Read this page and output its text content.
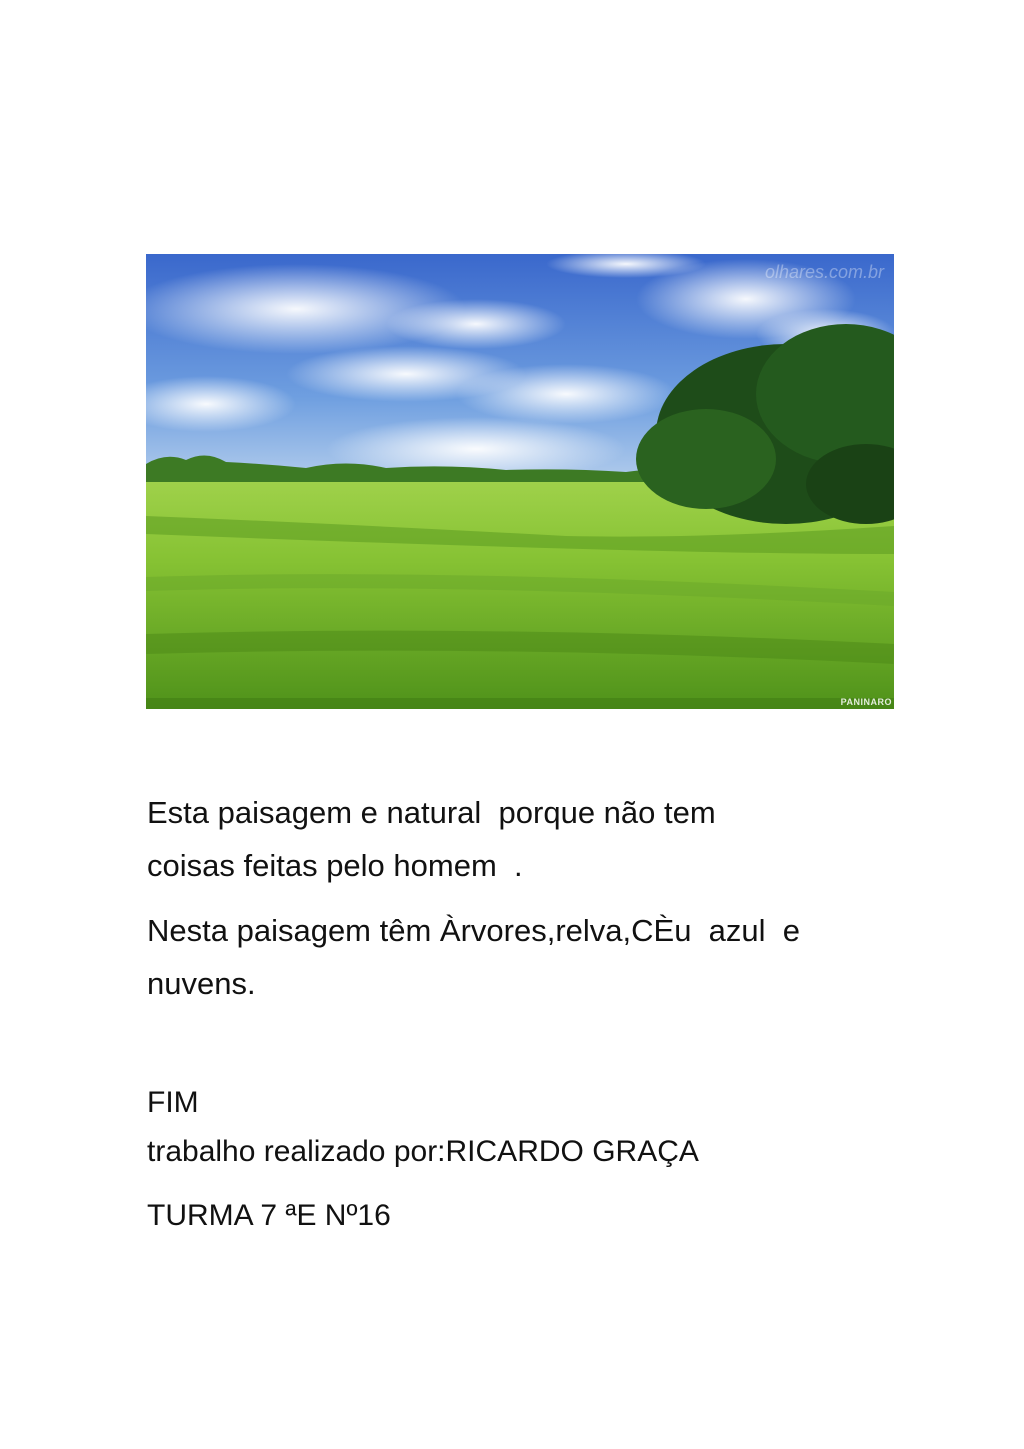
olhares.com.br
PANINARO
Esta paisagem e natural  porque não tem
coisas feitas pelo homem  .
Nesta paisagem têm Àrvores,relva,CÈu  azul  e
nuvens.
FIM
trabalho realizado por:RICARDO GRAÇA
TURMA 7 ªE Nº16
